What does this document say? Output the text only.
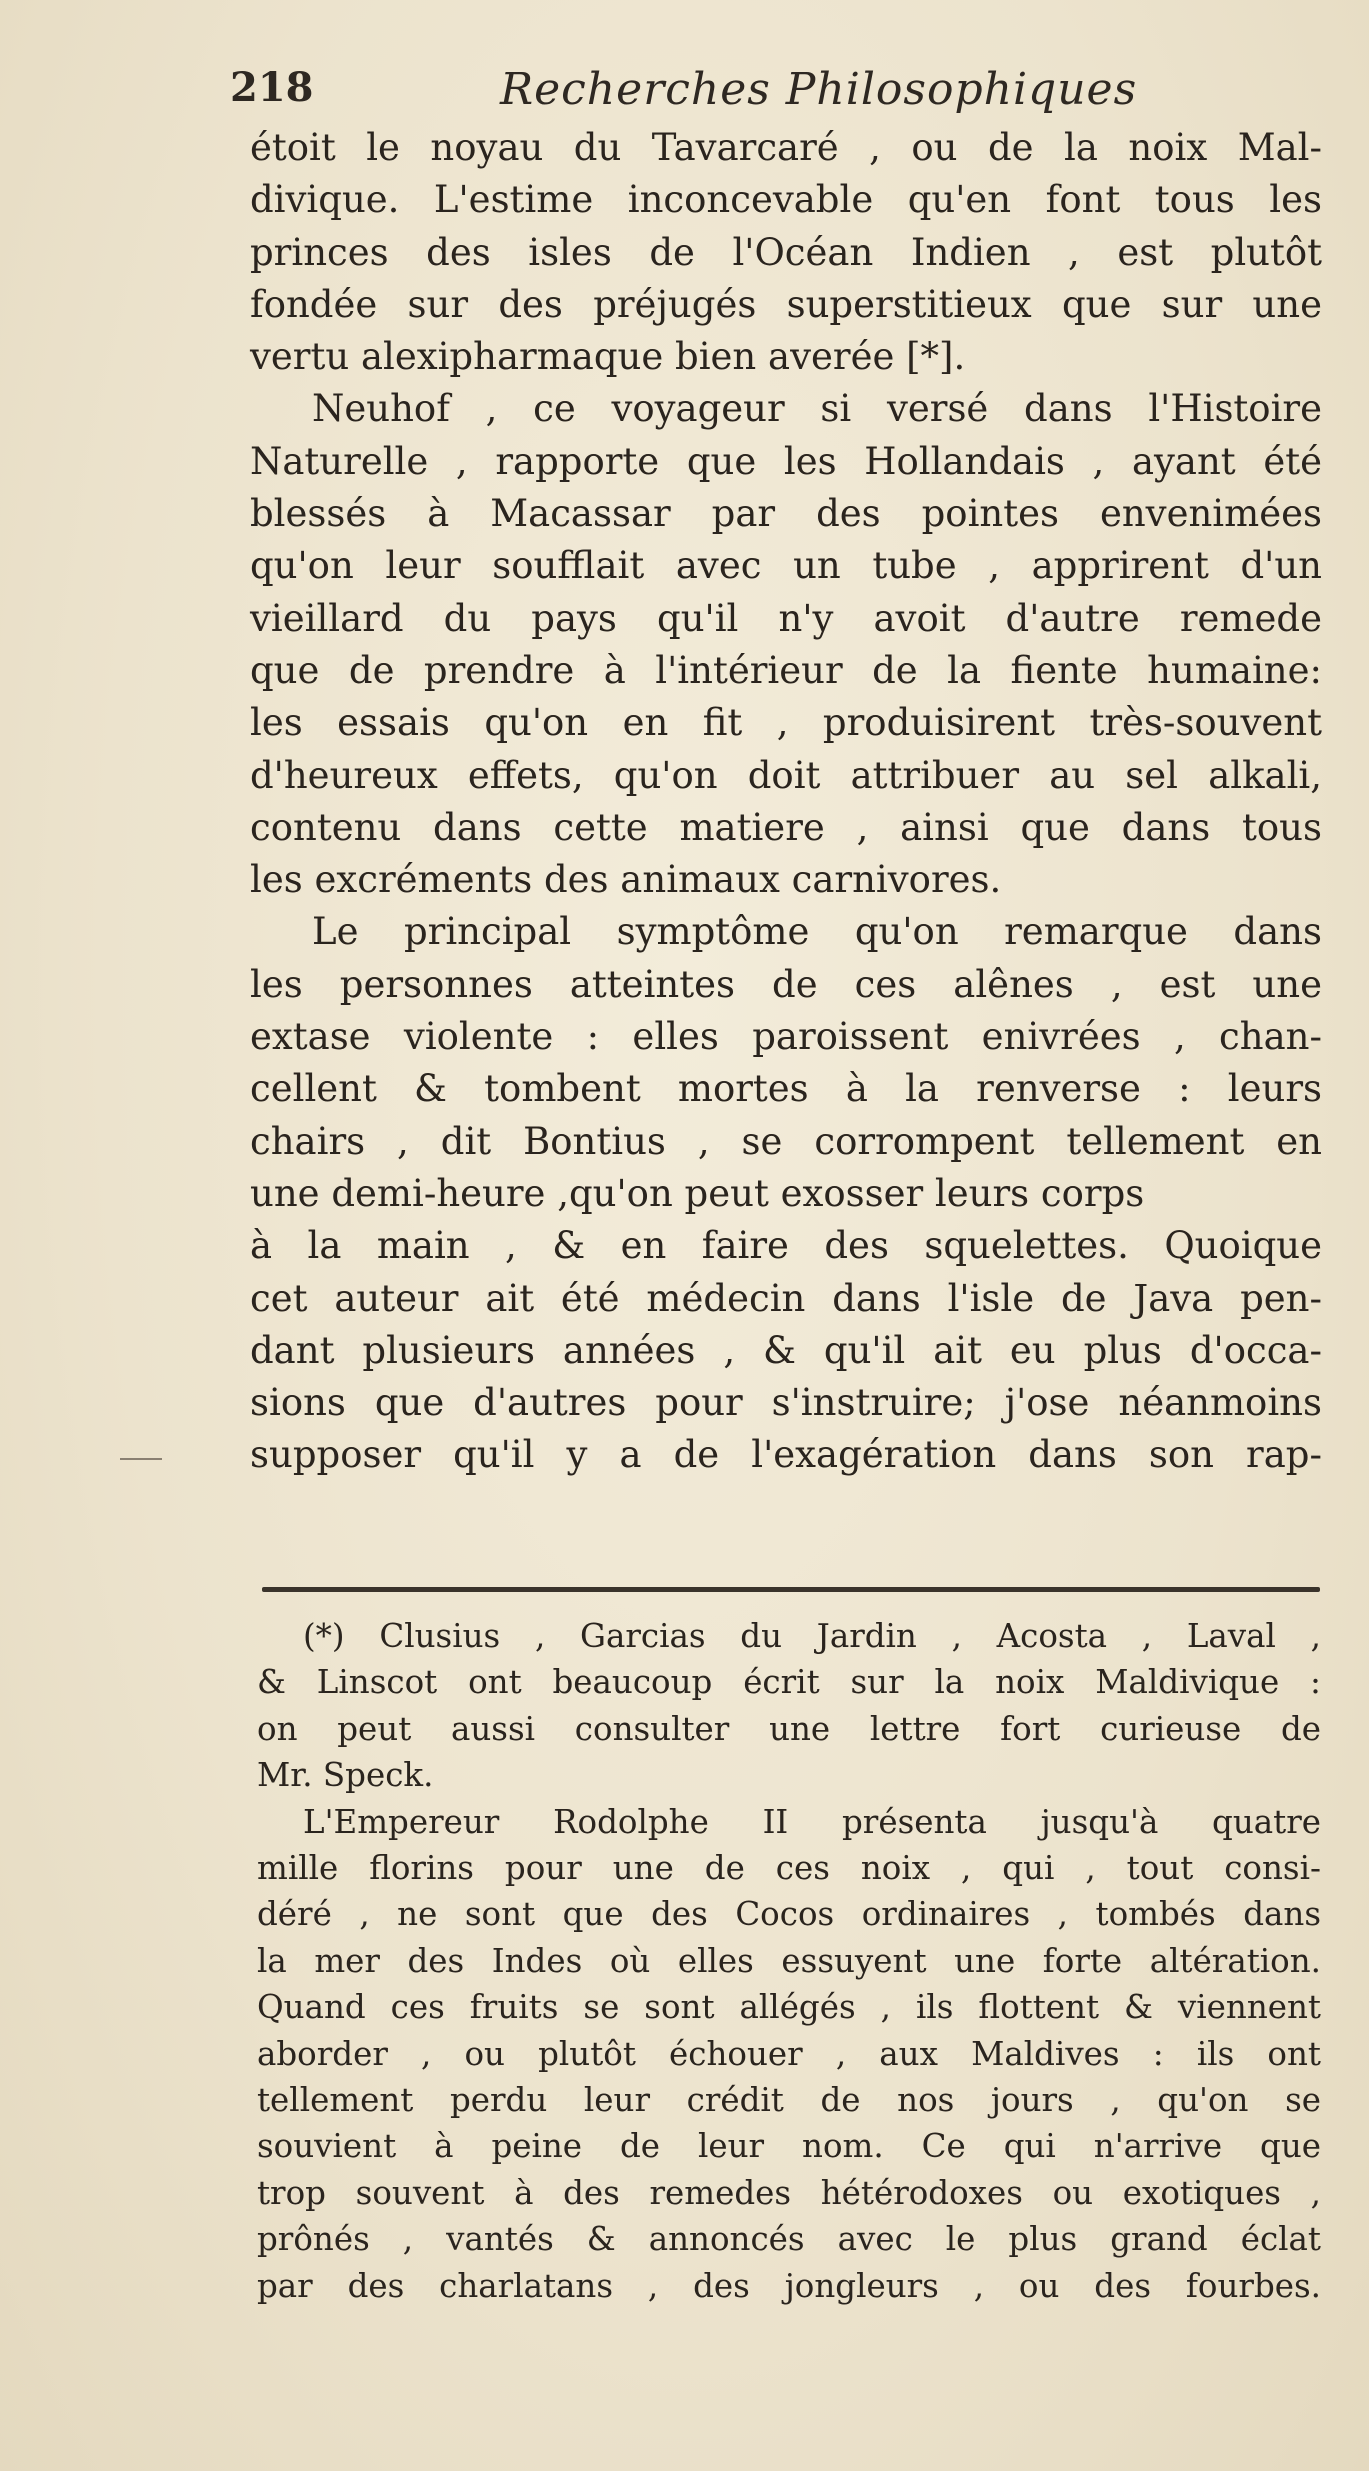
218	Recherches Philosophiques
étoit le noyau du Tavarcaré , ou de la noix Mal-
divique. L'estime inconcevable qu'en font tous les
princes des isles de l'Océan Indien , est plutôt
fondée sur des préjugés superstitieux que sur une
vertu alexipharmaque bien averée [*].
Neuhof , ce voyageur si versé dans l'Histoire
Naturelle , rapporte que les Hollandais , ayant été
blessés à Macassar par des pointes envenimées
qu'on leur soufflait avec un tube , apprirent d'un
vieillard du pays qu'il n'y avoit d'autre remede
que de prendre à l'intérieur de la fiente humaine:
les essais qu'on en fit , produisirent très-souvent
d'heureux effets, qu'on doit attribuer au sel alkali,
contenu dans cette matiere , ainsi que dans tous
les excréments des animaux carnivores.
Le principal symptôme qu'on remarque dans
les personnes atteintes de ces alênes , est une
extase violente : elles paroissent enivrées , chan-
cellent & tombent mortes à la renverse : leurs
chairs , dit Bontius , se corrompent tellement en
une demi-heure ,qu'on peut exosser leurs corps
à la main , & en faire des squelettes. Quoique
cet auteur ait été médecin dans l'isle de Java pen-
dant plusieurs années , & qu'il ait eu plus d'occa-
sions que d'autres pour s'instruire; j'ose néanmoins
supposer qu'il y a de l'exagération dans son rap-
(*) Clusius , Garcias du Jardin , Acosta , Laval ,
& Linscot ont beaucoup écrit sur la noix Maldivique :
on peut aussi consulter une lettre fort curieuse de
Mr. Speck.
L'Empereur Rodolphe II présenta jusqu'à quatre
mille florins pour une de ces noix , qui , tout consi-
déré , ne sont que des Cocos ordinaires , tombés dans
la mer des Indes où elles essuyent une forte altération.
Quand ces fruits se sont allégés , ils flottent & viennent
aborder , ou plutôt échouer , aux Maldives : ils ont
tellement perdu leur crédit de nos jours , qu'on se
souvient à peine de leur nom. Ce qui n'arrive que
trop souvent à des remedes hétérodoxes ou exotiques ,
prônés , vantés & annoncés avec le plus grand éclat
par des charlatans , des jongleurs , ou des fourbes.
